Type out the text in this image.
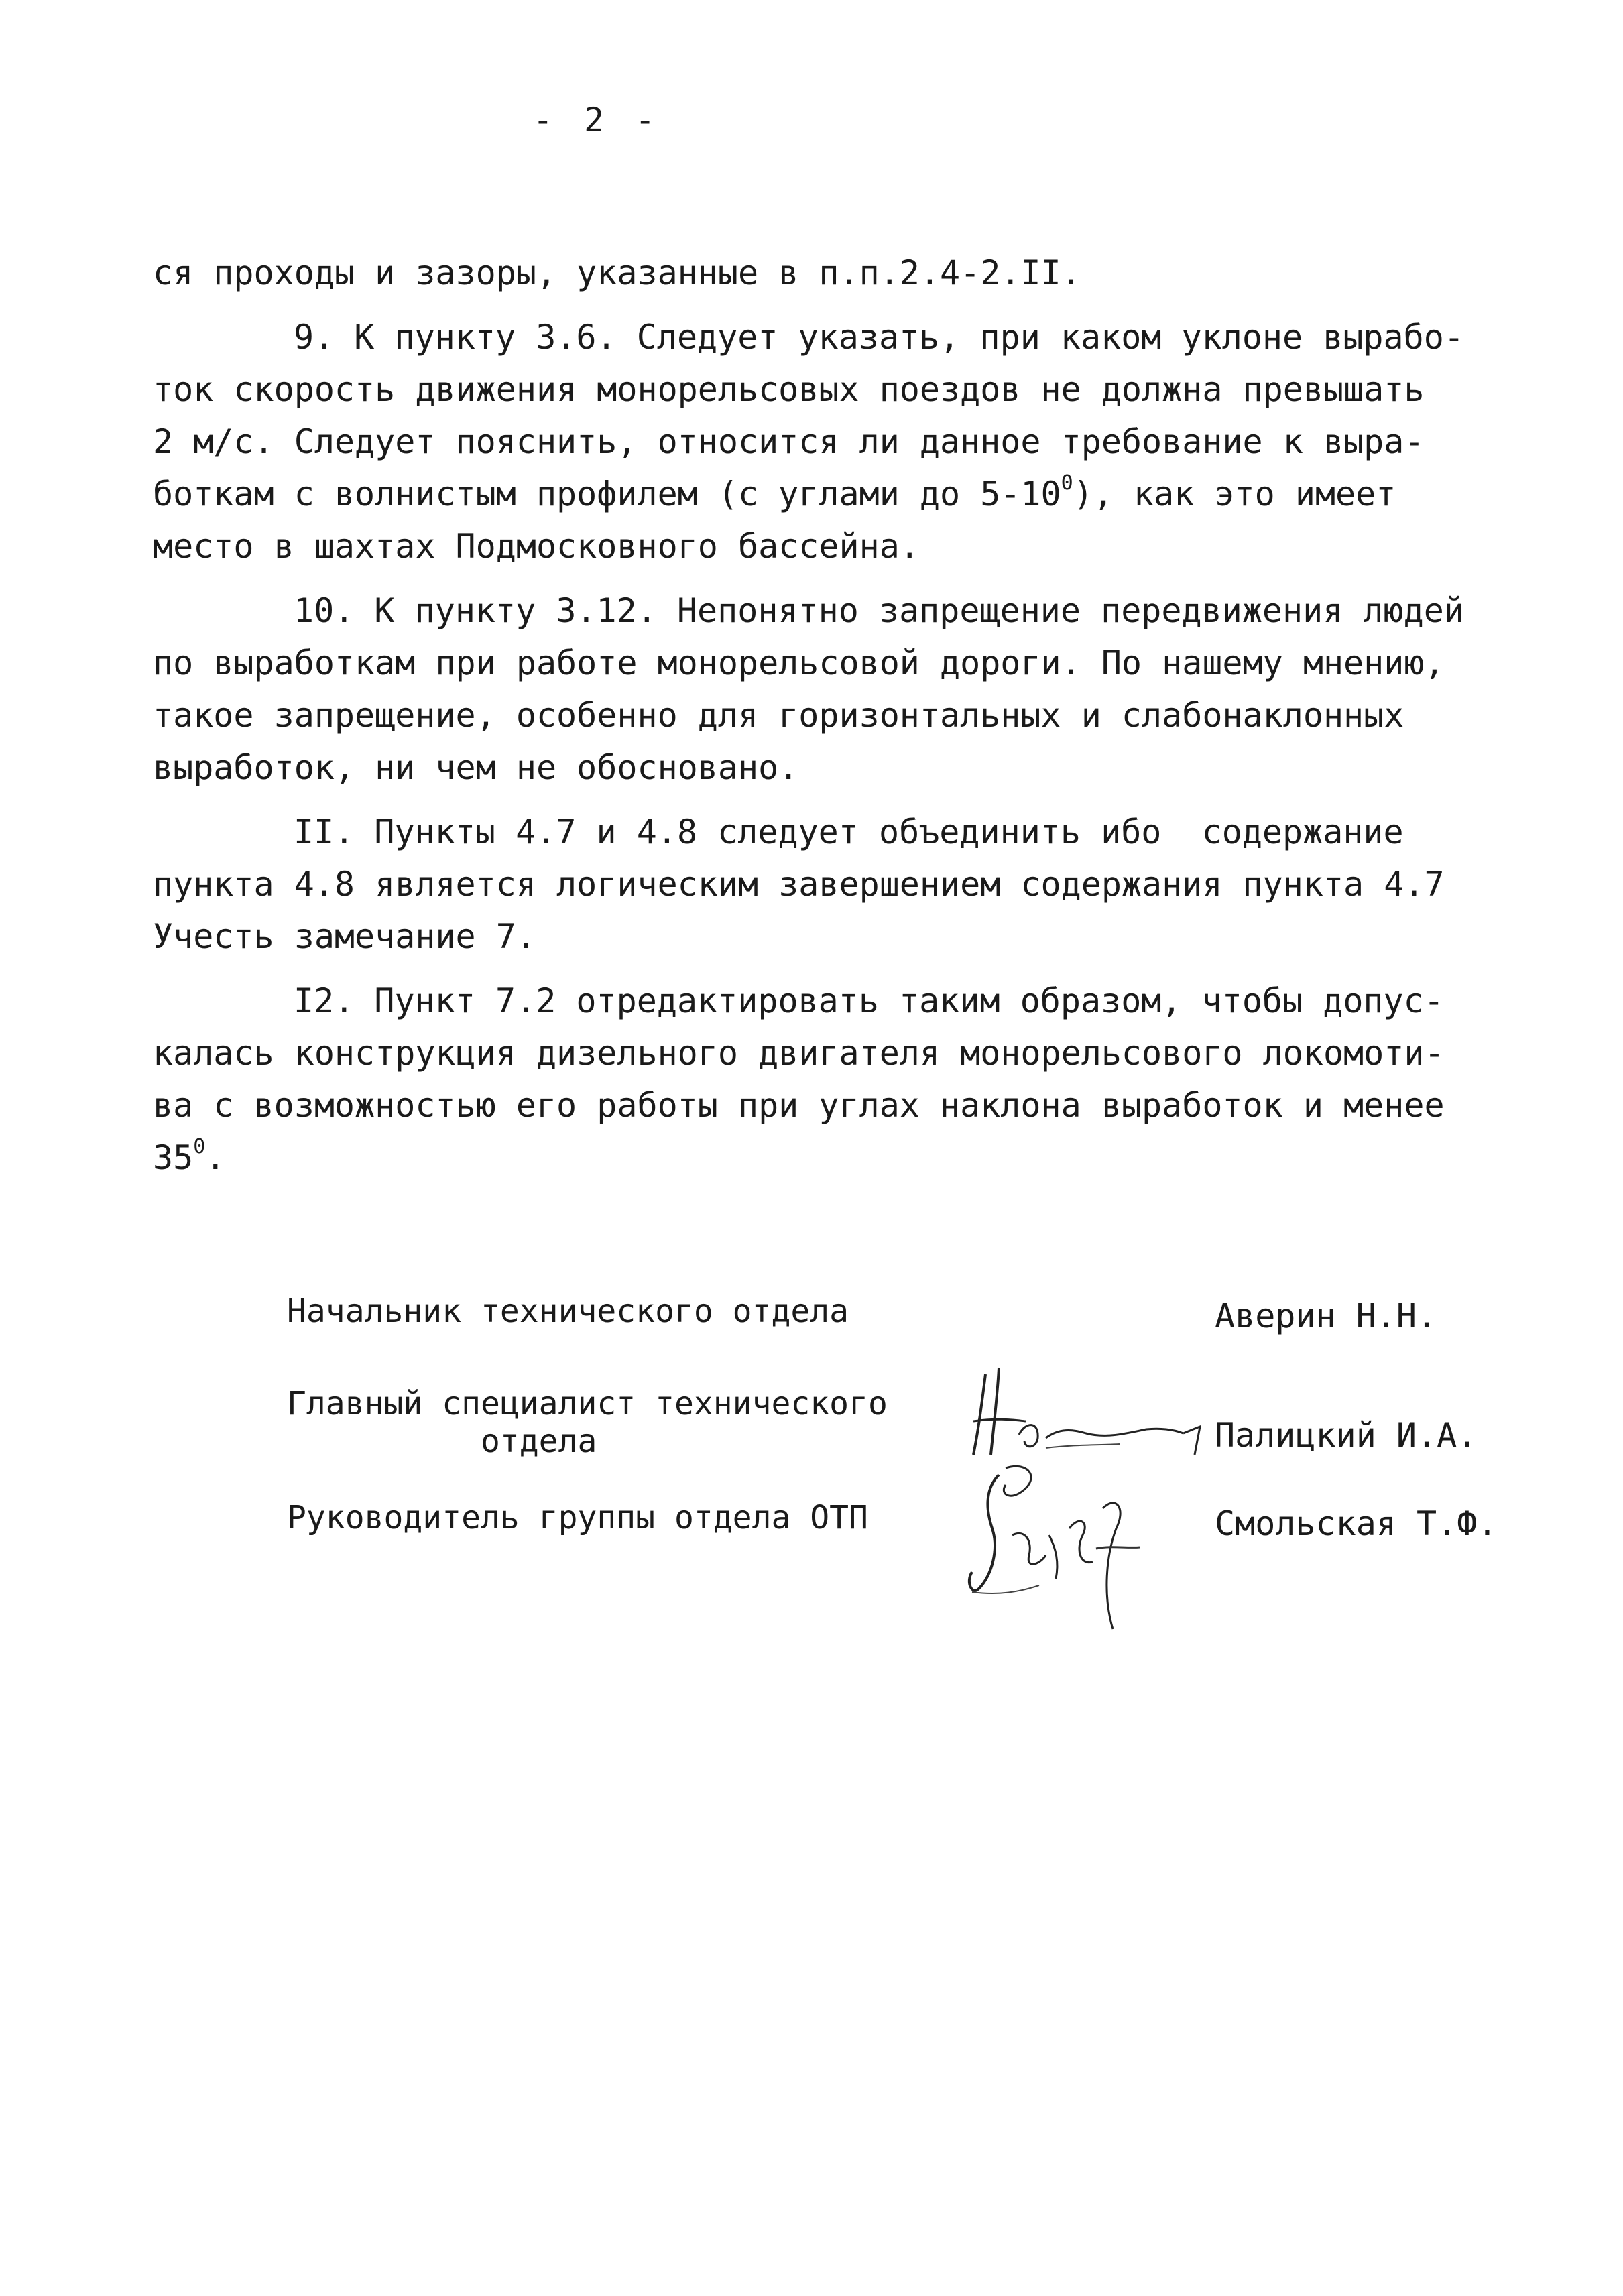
- 2 -
ся проходы и зазоры, указанные в п.п.2.4-2.II.
9. К пункту 3.6. Следует указать, при каком уклоне вырабо-
ток скорость движения монорельсовых поездов не должна превышать
2 м/с. Следует пояснить, относится ли данное требование к выра-
боткам с волнистым профилем (с углами до $5-10^0$), как это имеет
место в шахтах Подмосковного бассейна.
10. К пункту 3.12. Непонятно запрещение передвижения людей
по выработкам при работе монорельсовой дороги. По нашему мнению,
такое запрещение, особенно для горизонтальных и слабонаклонных
выработок, ни чем не обосновано.
II. Пункты 4.7 и 4.8 следует объединить ибо  содержание
пункта 4.8 является логическим завершением содержания пункта 4.7
Учесть замечание 7.
I2. Пункт 7.2 отредактировать таким образом, чтобы допус-
калась конструкция дизельного двигателя монорельсового локомоти-
ва с возможностью его работы при углах наклона выработок и менее
$35^0$.
Начальник технического отдела	Аверин Н.Н.
Главный специалист технического
отдела	Палицкий И.А.
Руководитель группы отдела ОТП	Смольская Т.Ф.
